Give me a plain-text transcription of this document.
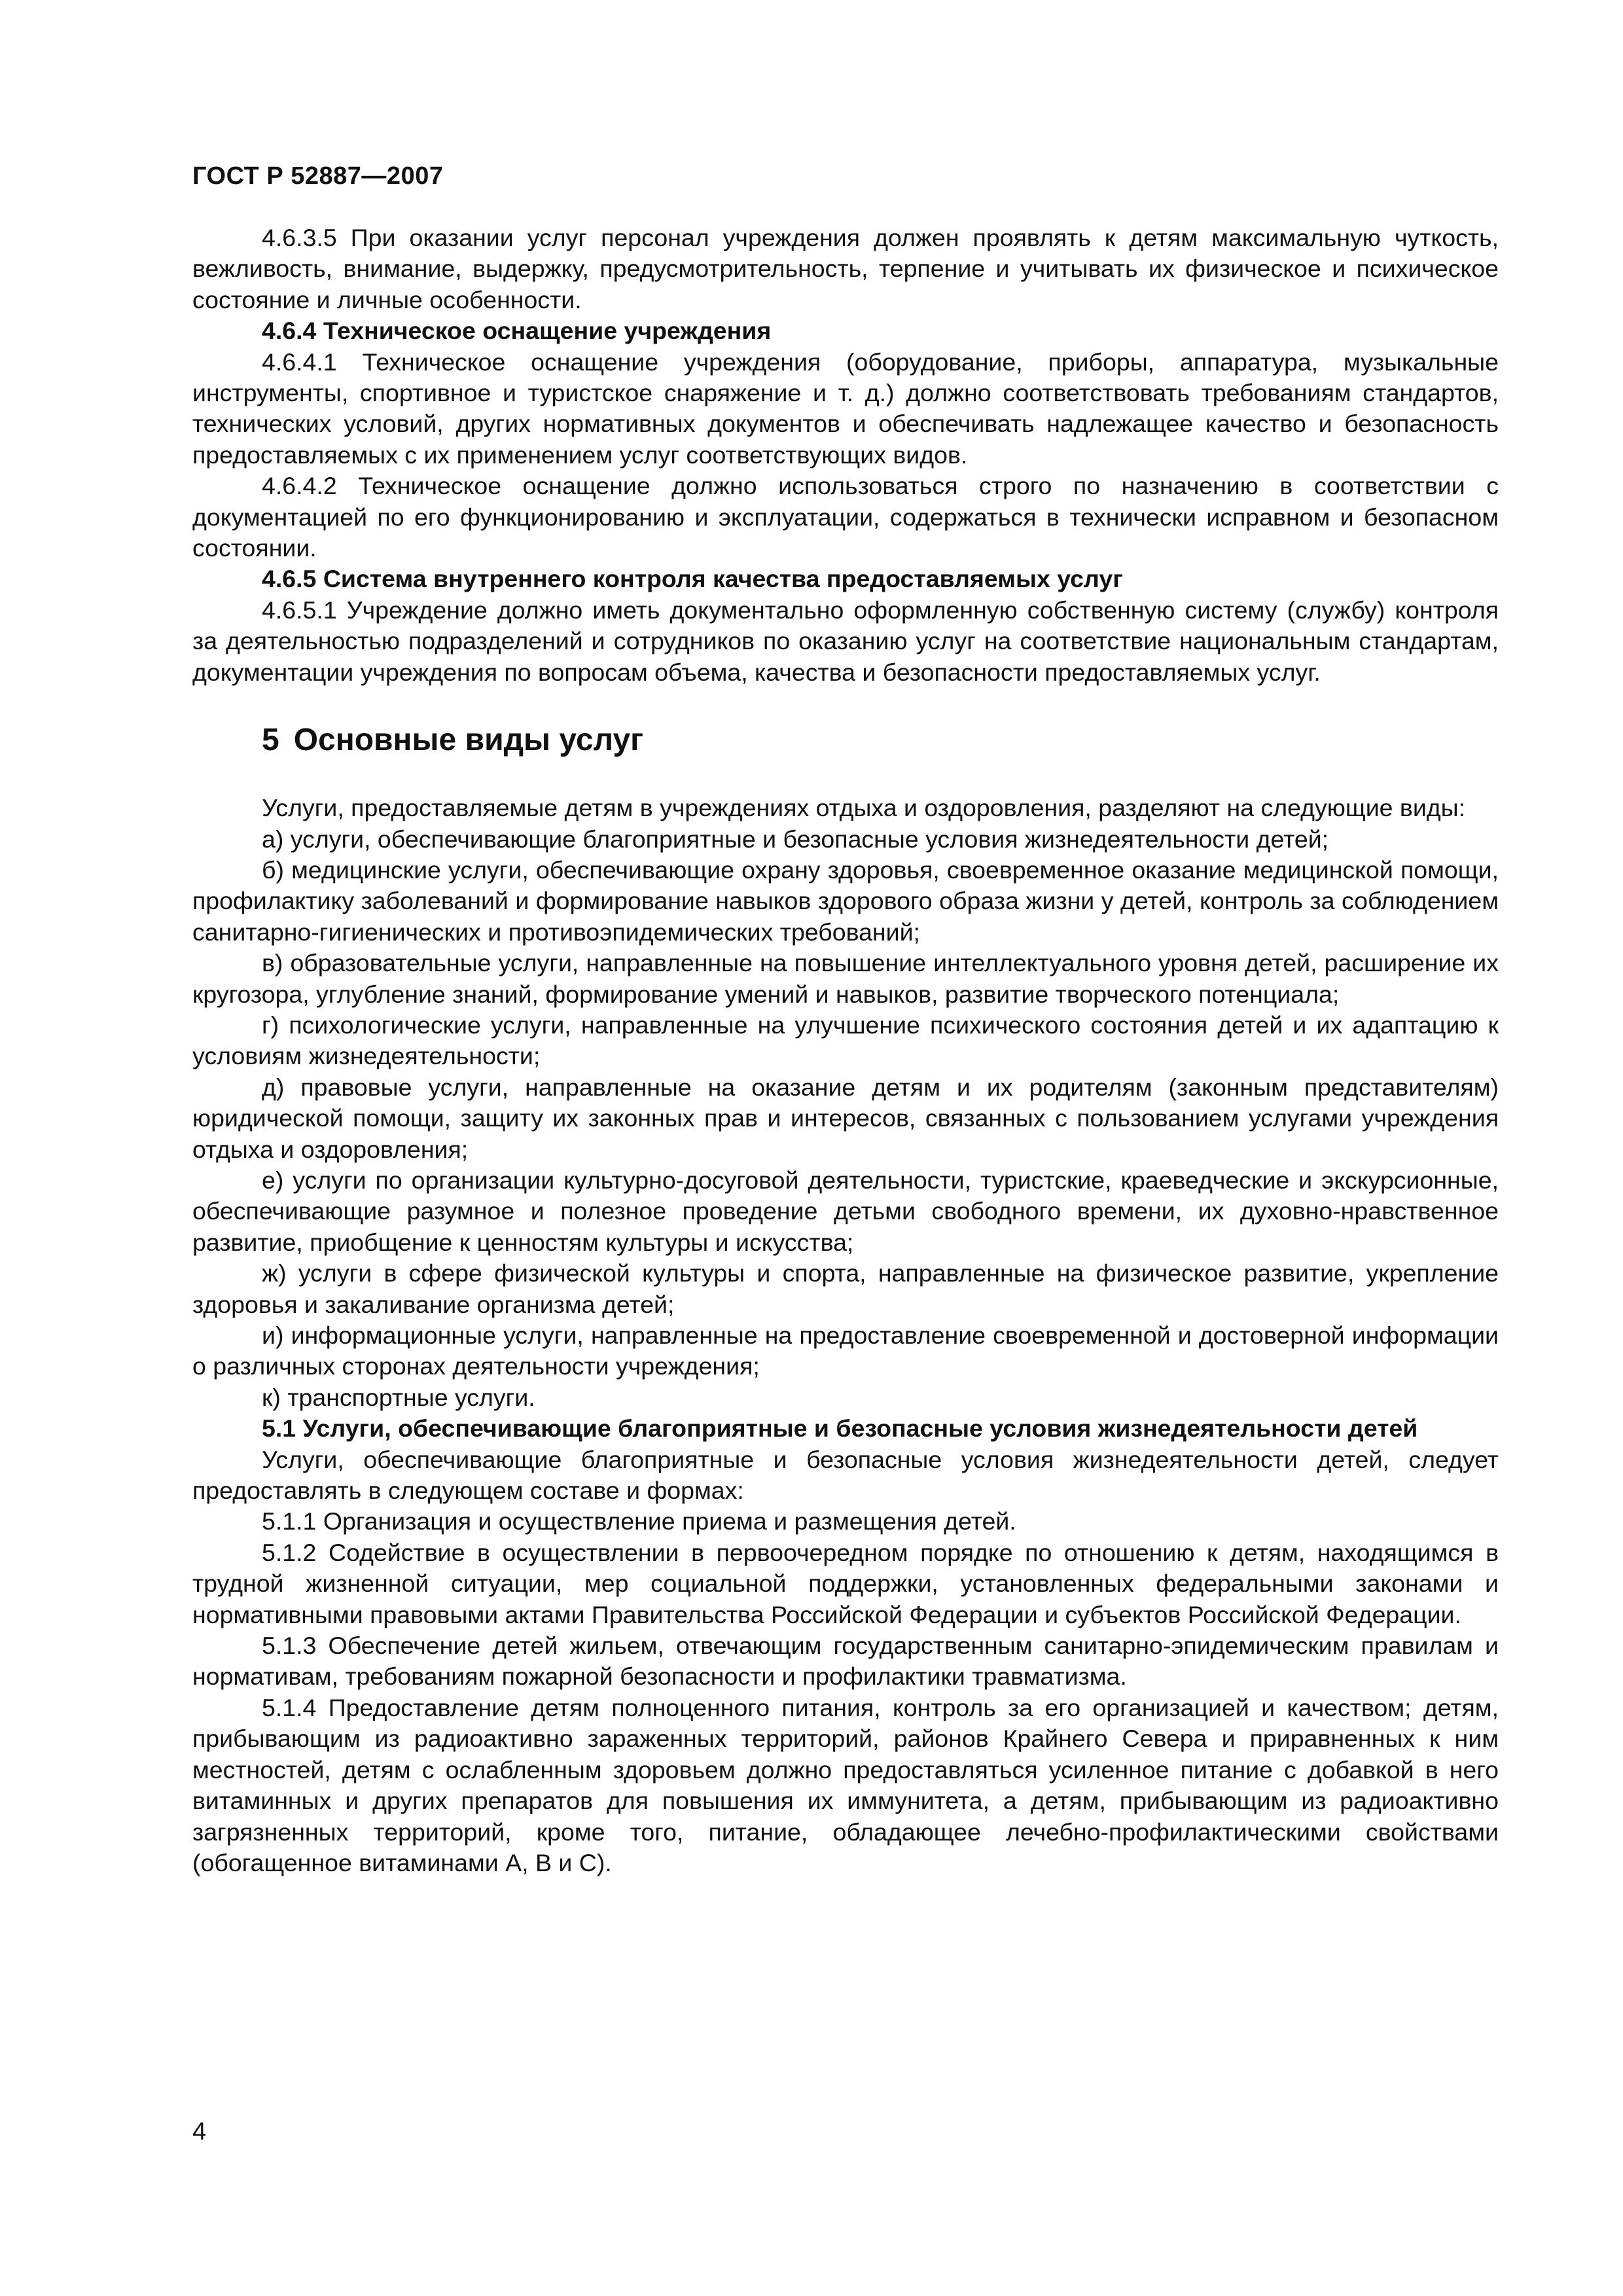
ГОСТ Р 52887—2007

4.6.3.5 При оказании услуг персонал учреждения должен проявлять к детям максимальную чуткость, вежливость, внимание, выдержку, предусмотрительность, терпение и учитывать их физическое и психическое состояние и личные особенности.

4.6.4 Техническое оснащение учреждения

4.6.4.1 Техническое оснащение учреждения (оборудование, приборы, аппаратура, музыкальные инструменты, спортивное и туристское снаряжение и т. д.) должно соответствовать требованиям стандартов, технических условий, других нормативных документов и обеспечивать надлежащее качество и безопасность предоставляемых с их применением услуг соответствующих видов.

4.6.4.2 Техническое оснащение должно использоваться строго по назначению в соответствии с документацией по его функционированию и эксплуатации, содержаться в технически исправном и безопасном состоянии.

4.6.5 Система внутреннего контроля качества предоставляемых услуг

4.6.5.1 Учреждение должно иметь документально оформленную собственную систему (службу) контроля за деятельностью подразделений и сотрудников по оказанию услуг на соответствие национальным стандартам, документации учреждения по вопросам объема, качества и безопасности предоставляемых услуг.

5 Основные виды услуг

Услуги, предоставляемые детям в учреждениях отдыха и оздоровления, разделяют на следующие виды:

а) услуги, обеспечивающие благоприятные и безопасные условия жизнедеятельности детей;

б) медицинские услуги, обеспечивающие охрану здоровья, своевременное оказание медицинской помощи, профилактику заболеваний и формирование навыков здорового образа жизни у детей, контроль за соблюдением санитарно-гигиенических и противоэпидемических требований;

в) образовательные услуги, направленные на повышение интеллектуального уровня детей, расширение их кругозора, углубление знаний, формирование умений и навыков, развитие творческого потенциала;

г) психологические услуги, направленные на улучшение психического состояния детей и их адаптацию к условиям жизнедеятельности;

д) правовые услуги, направленные на оказание детям и их родителям (законным представителям) юридической помощи, защиту их законных прав и интересов, связанных с пользованием услугами учреждения отдыха и оздоровления;

е) услуги по организации культурно-досуговой деятельности, туристские, краеведческие и экскурсионные, обеспечивающие разумное и полезное проведение детьми свободного времени, их духовно-нравственное развитие, приобщение к ценностям культуры и искусства;

ж) услуги в сфере физической культуры и спорта, направленные на физическое развитие, укрепление здоровья и закаливание организма детей;

и) информационные услуги, направленные на предоставление своевременной и достоверной информации о различных сторонах деятельности учреждения;

к) транспортные услуги.

5.1 Услуги, обеспечивающие благоприятные и безопасные условия жизнедеятельности детей

Услуги, обеспечивающие благоприятные и безопасные условия жизнедеятельности детей, следует предоставлять в следующем составе и формах:

5.1.1 Организация и осуществление приема и размещения детей.

5.1.2 Содействие в осуществлении в первоочередном порядке по отношению к детям, находящимся в трудной жизненной ситуации, мер социальной поддержки, установленных федеральными законами и нормативными правовыми актами Правительства Российской Федерации и субъектов Российской Федерации.

5.1.3 Обеспечение детей жильем, отвечающим государственным санитарно-эпидемическим правилам и нормативам, требованиям пожарной безопасности и профилактики травматизма.

5.1.4 Предоставление детям полноценного питания, контроль за его организацией и качеством; детям, прибывающим из радиоактивно зараженных территорий, районов Крайнего Севера и приравненных к ним местностей, детям с ослабленным здоровьем должно предоставляться усиленное питание с добавкой в него витаминных и других препаратов для повышения их иммунитета, а детям, прибывающим из радиоактивно загрязненных территорий, кроме того, питание, обладающее лечебно-профилактическими свойствами (обогащенное витаминами А, В и С).

4
